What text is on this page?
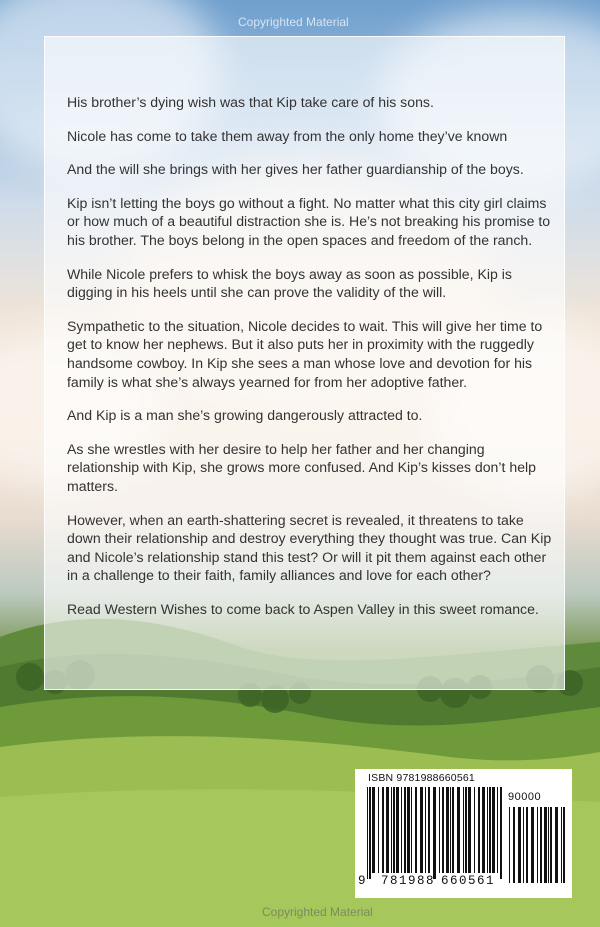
Copyrighted Material

His brother’s dying wish was that Kip take care of his sons.

Nicole has come to take them away from the only home they’ve known

And the will she brings with her gives her father guardianship of the boys.

Kip isn’t letting the boys go without a fight. No matter what this city girl claims or how much of a beautiful distraction she is. He’s not breaking his promise to his brother. The boys belong in the open spaces and freedom of the ranch.

While Nicole prefers to whisk the boys away as soon as possible, Kip is digging in his heels until she can prove the validity of the will.

Sympathetic to the situation, Nicole decides to wait. This will give her time to get to know her nephews. But it also puts her in proximity with the ruggedly handsome cowboy. In Kip she sees a man whose love and devotion for his family is what she’s always yearned for from her adoptive father.

And Kip is a man she’s growing dangerously attracted to.

As she wrestles with her desire to help her father and her changing relationship with Kip, she grows more confused. And Kip’s kisses don’t help matters.

However, when an earth-shattering secret is revealed, it threatens to take down their relationship and destroy everything they thought was true. Can Kip and Nicole’s relationship stand this test? Or will it pit them against each other in a challenge to their faith, family alliances and love for each other?

Read Western Wishes to come back to Aspen Valley in this sweet romance.

ISBN 9781988660561
90000
9 781988 660561
Copyrighted Material
